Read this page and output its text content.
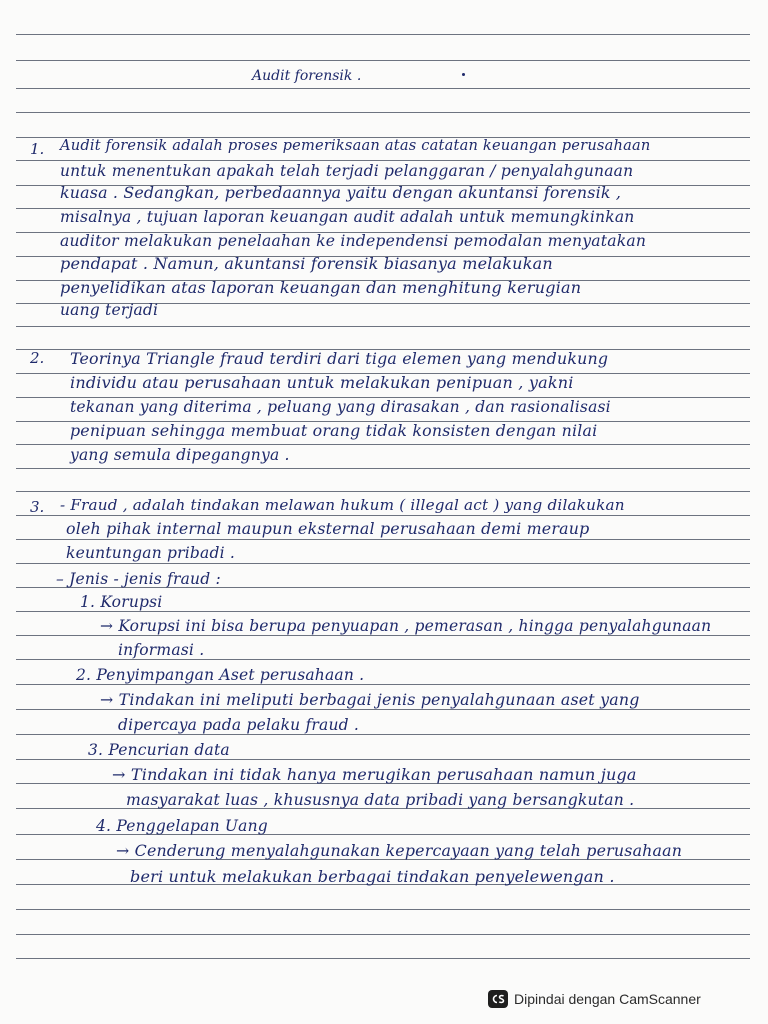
Audit forensik .
1. Audit forensik adalah proses pemeriksaan atas catatan keuangan perusahaan
untuk menentukan apakah telah terjadi pelanggaran / penyalahgunaan
kuasa . Sedangkan, perbedaannya yaitu dengan akuntansi forensik ,
misalnya , tujuan laporan keuangan audit adalah untuk memungkinkan
auditor melakukan penelaahan ke independensi pemodalan menyatakan
pendapat . Namun, akuntansi forensik biasanya melakukan
penyelidikan atas laporan keuangan dan menghitung kerugian
uang terjadi
2. Teorinya Triangle fraud terdiri dari tiga elemen yang mendukung
individu atau perusahaan untuk melakukan penipuan , yakni
tekanan yang diterima , peluang yang dirasakan , dan rasionalisasi
penipuan sehingga membuat orang tidak konsisten dengan nilai
yang semula dipegangnya .
3. - Fraud , adalah tindakan melawan hukum ( illegal act ) yang dilakukan
oleh pihak internal maupun eksternal perusahaan demi meraup
keuntungan pribadi .
– Jenis - jenis fraud :
1. Korupsi
→ Korupsi ini bisa berupa penyuapan , pemerasan , hingga penyalahgunaan
informasi .
2. Penyimpangan Aset perusahaan .
→ Tindakan ini meliputi berbagai jenis penyalahgunaan aset yang
dipercaya pada pelaku fraud .
3. Pencurian data
→ Tindakan ini tidak hanya merugikan perusahaan namun juga
masyarakat luas , khususnya data pribadi yang bersangkutan .
4. Penggelapan Uang
→ Cenderung menyalahgunakan kepercayaan yang telah perusahaan
beri untuk melakukan berbagai tindakan penyelewengan .
Dipindai dengan CamScanner
